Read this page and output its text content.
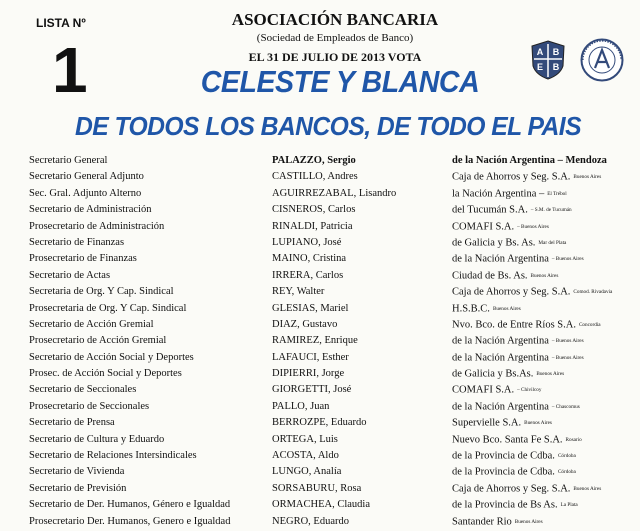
LISTA Nº
1
ASOCIACIÓN BANCARIA
(Sociedad de Empleados de Banco)
EL 31 DE JULIO DE 2013 VOTA
CELESTE Y BLANCA
DE TODOS LOS BANCOS, DE TODO EL PAIS
A B
E B
Secretario General
Secretario General Adjunto
Sec. Gral. Adjunto Alterno
Secretario de Administración
Prosecretario de Administración
Secretario de Finanzas
Prosecretario de Finanzas
Secretario de Actas
Secretaria de Org. Y Cap. Sindical
Prosecretaria de Org. Y Cap. Sindical
Secretario de Acción Gremial
Prosecretario de Acción Gremial
Secretario de Acción Social y Deportes
Prosec. de Acción Social y Deportes
Secretario de Seccionales
Prosecretario de Seccionales
Secretario de Prensa
Secretario de Cultura y Eduardo
Secretario de Relaciones Intersindicales
Secretario de Vivienda
Secretario de Previsión
Secretario de Der. Humanos, Género e Igualdad
Prosecretario Der. Humanos, Genero e Igualdad
PALAZZO, Sergio
CASTILLO, Andres
AGUIRREZABAL, Lisandro
CISNEROS, Carlos
RINALDI, Patricia
LUPIANO, José
MAINO, Cristina
IRRERA, Carlos
REY, Walter
GLESIAS, Mariel
DIAZ, Gustavo
RAMIREZ, Enrique
LAFAUCI, Esther
DIPIERRI, Jorge
GIORGETTI, José
PALLO, Juan
BERROZPE, Eduardo
ORTEGA, Luis
ACOSTA, Aldo
LUNGO, Analía
SORSABURU, Rosa
ORMACHEA, Claudia
NEGRO, Eduardo
de la Nación Argentina – Mendoza
Caja de Ahorros y Seg. S.A. Buenos Aires
la Nación Argentina – El Trébol
del Tucumán S.A. – S.M. de Tucumán
COMAFI S.A. – Buenos Aires
de Galicia y Bs. As. Mar del Plata
de la Nación Argentina – Buenos Aires
Ciudad de Bs. As. Buenos Aires
Caja de Ahorros y Seg. S.A. Comod. Rivadavia
H.S.B.C. Buenos Aires
Nvo. Bco. de Entre Ríos S.A. Concordia
de la Nación Argentina – Buenos Aires
de la Nación Argentina – Buenos Aires
de Galicia y Bs.As. Buenos Aires
COMAFI S.A. – Chivilcoy
de la Nación Argentina – Chascomus
Supervielle S.A. Buenos Aires
Nuevo Bco. Santa Fe S.A. Rosario
de la Provincia de Cdba. Córdoba
de la Provincia de Cdba. Córdoba
Caja de Ahorros y Seg. S.A. Buenos Aires
de la Provincia de Bs As. La Plata
Santander Rio Buenos Aires
